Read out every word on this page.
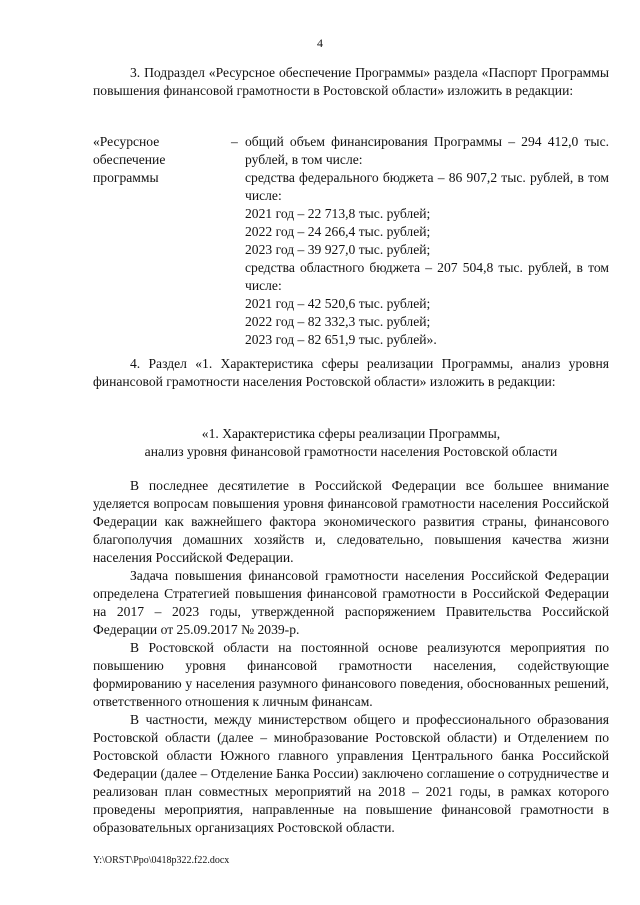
4

3. Подраздел «Ресурсное обеспечение Программы» раздела «Паспорт Программы повышения финансовой грамотности в Ростовской области» изложить в редакции:

«Ресурсное обеспечение программы
– общий объем финансирования Программы – 294 412,0 тыс. рублей, в том числе:
средства федерального бюджета – 86 907,2 тыс. рублей, в том числе:
2021 год – 22 713,8 тыс. рублей;
2022 год – 24 266,4 тыс. рублей;
2023 год – 39 927,0 тыс. рублей;
средства областного бюджета – 207 504,8 тыс. рублей, в том числе:
2021 год – 42 520,6 тыс. рублей;
2022 год – 82 332,3 тыс. рублей;
2023 год – 82 651,9 тыс. рублей».

4. Раздел «1. Характеристика сферы реализации Программы, анализ уровня финансовой грамотности населения Ростовской области» изложить в редакции:

«1. Характеристика сферы реализации Программы,

анализ уровня финансовой грамотности населения Ростовской области

В последнее десятилетие в Российской Федерации все большее внимание уделяется вопросам повышения уровня финансовой грамотности населения Российской Федерации как важнейшего фактора экономического развития страны, финансового благополучия домашних хозяйств и, следовательно, повышения качества жизни населения Российской Федерации.

Задача повышения финансовой грамотности населения Российской Федерации определена Стратегией повышения финансовой грамотности в Российской Федерации на 2017 – 2023 годы, утвержденной распоряжением Правительства Российской Федерации от 25.09.2017 № 2039-р.

В Ростовской области на постоянной основе реализуются мероприятия по повышению уровня финансовой грамотности населения, содействующие формированию у населения разумного финансового поведения, обоснованных решений, ответственного отношения к личным финансам.

В частности, между министерством общего и профессионального образования Ростовской области (далее – минобразование Ростовской области) и Отделением по Ростовской области Южного главного управления Центрального банка Российской Федерации (далее – Отделение Банка России) заключено соглашение о сотрудничестве и реализован план совместных мероприятий на 2018 – 2021 годы, в рамках которого проведены мероприятия, направленные на повышение финансовой грамотности в образовательных организациях Ростовской области.

Y:\ORST\Ppo\0418p322.f22.docx
